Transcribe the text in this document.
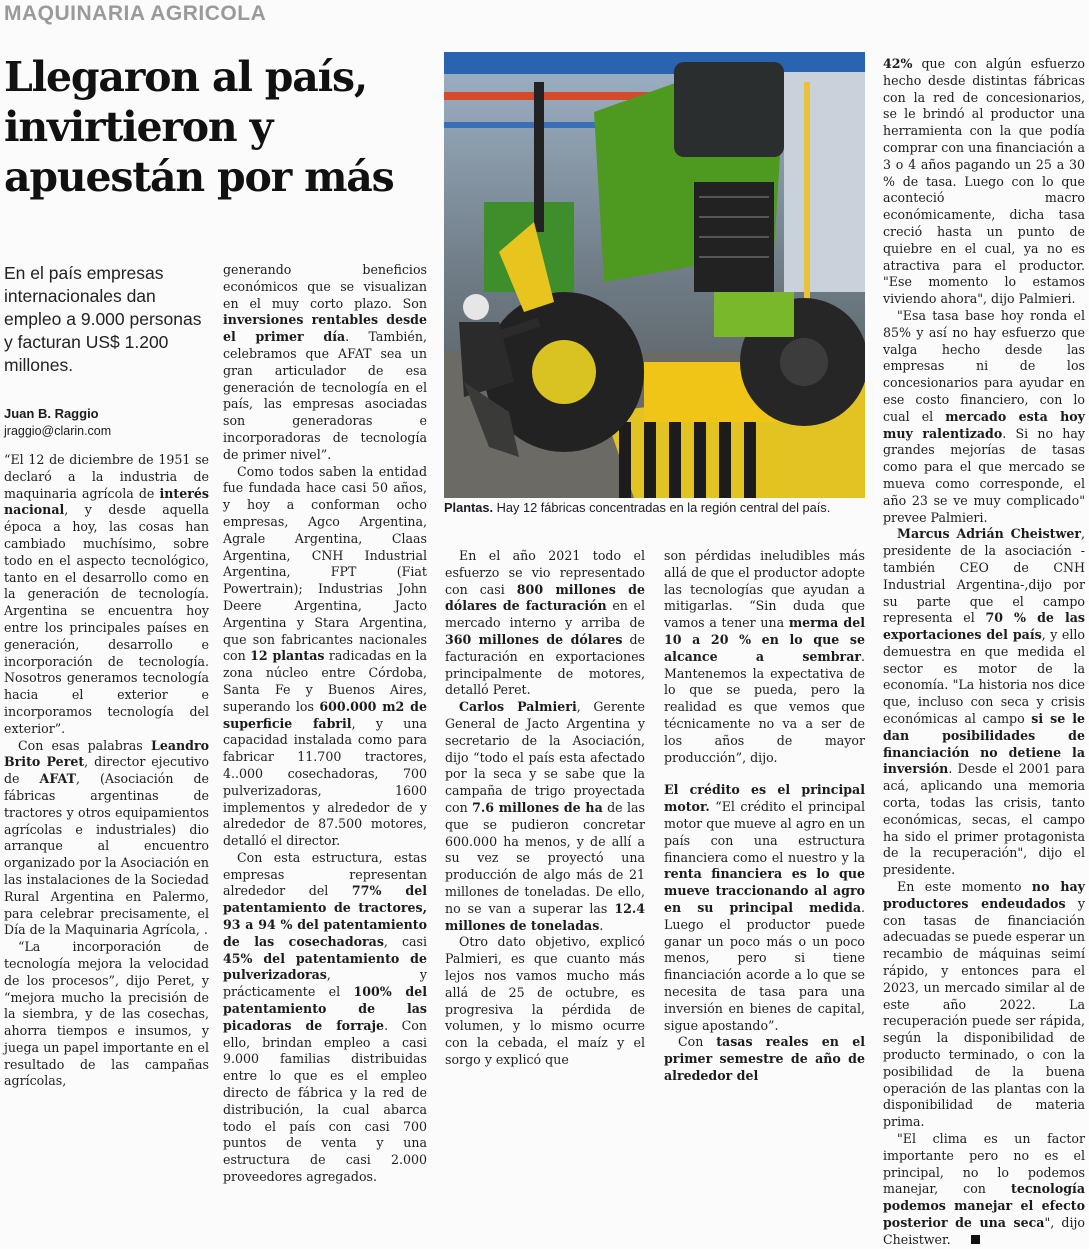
MAQUINARIA AGRICOLA
Llegaron al país,
invirtieron y
apuestán por más
En el país empresas internacionales dan empleo a 9.000 personas y facturan US$ 1.200 millones.
Juan B. Raggio
jraggio@clarin.com

“El 12 de diciembre de 1951 se declaró a la industria de maquinaria agrícola de interés nacional, y desde aquella época a hoy, las cosas han cambiado muchísimo, sobre todo en el aspecto tecnológico, tanto en el desarrollo como en la generación de tecnología. Argentina se encuentra hoy entre los principales países en generación, desarrollo e incorporación de tecnología. Nosotros generamos tecnología hacia el exterior e incorporamos tecnología del exterior”.

Con esas palabras Leandro Brito Peret, director ejecutivo de AFAT, (Asociación de fábricas argentinas de tractores y otros equipamientos agrícolas e industriales) dio arranque al encuentro organizado por la Asociación en las instalaciones de la Sociedad Rural Argentina en Palermo, para celebrar precisamente, el Día de la Maquinaria Agrícola, .

“La incorporación de tecnología mejora la velocidad de los procesos”, dijo Peret, y “mejora mucho la precisión de la siembra, y de las cosechas, ahorra tiempos e insumos, y juega un papel importante en el resultado de las campañas agrícolas,

generando beneficios económicos que se visualizan en el muy corto plazo. Son inversiones rentables desde el primer día. También, celebramos que AFAT sea un gran articulador de esa generación de tecnología en el país, las empresas asociadas son generadoras e incorporadoras de tecnología de primer nivel”.

Como todos saben la entidad fue fundada hace casi 50 años, y hoy a conforman ocho empresas, Agco Argentina, Agrale Argentina, Claas Argentina, CNH Industrial Argentina, FPT (Fiat Powertrain); Industrias John Deere Argentina, Jacto Argentina y Stara Argentina, que son fabricantes nacionales con 12 plantas radicadas en la zona núcleo entre Córdoba, Santa Fe y Buenos Aires, superando los 600.000 m2 de superficie fabril, y una capacidad instalada como para fabricar 11.700 tractores, 4..000 cosechadoras, 700 pulverizadoras, 1600 implementos y alrededor de y alrededor de 87.500 motores, detalló el director.

Con esta estructura, estas empresas representan alrededor del 77% del patentamiento de tractores, 93 a 94 % del patentamiento de las cosechadoras, casi 45% del patentamiento de pulverizadoras, y prácticamente el 100% del patentamiento de las picadoras de forraje. Con ello, brindan empleo a casi 9.000 familias distribuidas entre lo que es el empleo directo de fábrica y la red de distribución, la cual abarca todo el país con casi 700 puntos de venta y una estructura de casi 2.000 proveedores agregados.

En el año 2021 todo el esfuerzo se vio representado con casi 800 millones de dólares de facturación en el mercado interno y arriba de 360 millones de dólares de facturación en exportaciones principalmente de motores, detalló Peret.

Carlos Palmieri, Gerente General de Jacto Argentina y secretario de la Asociación, dijo “todo el país esta afectado por la seca y se sabe que la campaña de trigo proyectada con 7.6 millones de ha de las que se pudieron concretar 600.000 ha menos, y de allí a su vez se proyectó una producción de algo más de 21 millones de toneladas. De ello, no se van a superar las 12.4 millones de toneladas.

Otro dato objetivo, explicó Palmieri, es que cuanto más lejos nos vamos mucho más allá de 25 de octubre, es progresiva la pérdida de volumen, y lo mismo ocurre con la cebada, el maíz y el sorgo y explicó que

son pérdidas ineludibles más allá de que el productor adopte las tecnologías que ayudan a mitigarlas. “Sin duda que vamos a tener una merma del 10 a 20 % en lo que se alcance a sembrar. Mantenemos la expectativa de lo que se pueda, pero la realidad es que vemos que técnicamente no va a ser de los años de mayor producción”, dijo.

El crédito es el principal motor. “El crédito el principal motor que mueve al agro en un país con una estructura financiera como el nuestro y la renta financiera es lo que mueve traccionando al agro en su principal medida. Luego el productor puede ganar un poco más o un poco menos, pero si tiene financiación acorde a lo que se necesita de tasa para una inversión en bienes de capital, sigue apostando”.

Con tasas reales en el primer semestre de año de alrededor del

42% que con algún esfuerzo hecho desde distintas fábricas con la red de concesionarios, se le brindó al productor una herramienta con la que podía comprar con una financiación a 3 o 4 años pagando un 25 a 30 % de tasa. Luego con lo que aconteció macro económicamente, dicha tasa creció hasta un punto de quiebre en el cual, ya no es atractiva para el productor. "Ese momento lo estamos viviendo ahora", dijo Palmieri.

"Esa tasa base hoy ronda el 85% y así no hay esfuerzo que valga hecho desde las empresas ni de los concesionarios para ayudar en ese costo financiero, con lo cual el mercado esta hoy muy ralentizado. Si no hay grandes mejorías de tasas como para el que mercado se mueva como corresponde, el año 23 se ve muy complicado" prevee Palmieri.

Marcus Adrián Cheistwer, presidente de la asociación -también CEO de CNH Industrial Argentina-,dijo por su parte que el campo representa el 70 % de las exportaciones del país, y ello demuestra en que medida el sector es motor de la economía. "La historia nos dice que, incluso con seca y crisis económicas al campo si se le dan posibilidades de financiación no detiene la inversión. Desde el 2001 para acá, aplicando una memoria corta, todas las crisis, tanto económicas, secas, el campo ha sido el primer protagonista de la recuperación", dijo el presidente.

En este momento no hay productores endeudados y con tasas de financiación adecuadas se puede esperar un recambio de máquinas seimí rápido, y entonces para el 2023, un mercado similar al de este año 2022. La recuperación puede ser rápida, según la disponibilidad de producto terminado, o con la posibilidad de la buena operación de las plantas con la disponibilidad de materia prima.

"El clima es un factor importante pero no es el principal, no lo podemos manejar, con tecnología podemos manejar el efecto posterior de una seca", dijo Cheistwer.

Plantas. Hay 12 fábricas concentradas en la región central del país.
